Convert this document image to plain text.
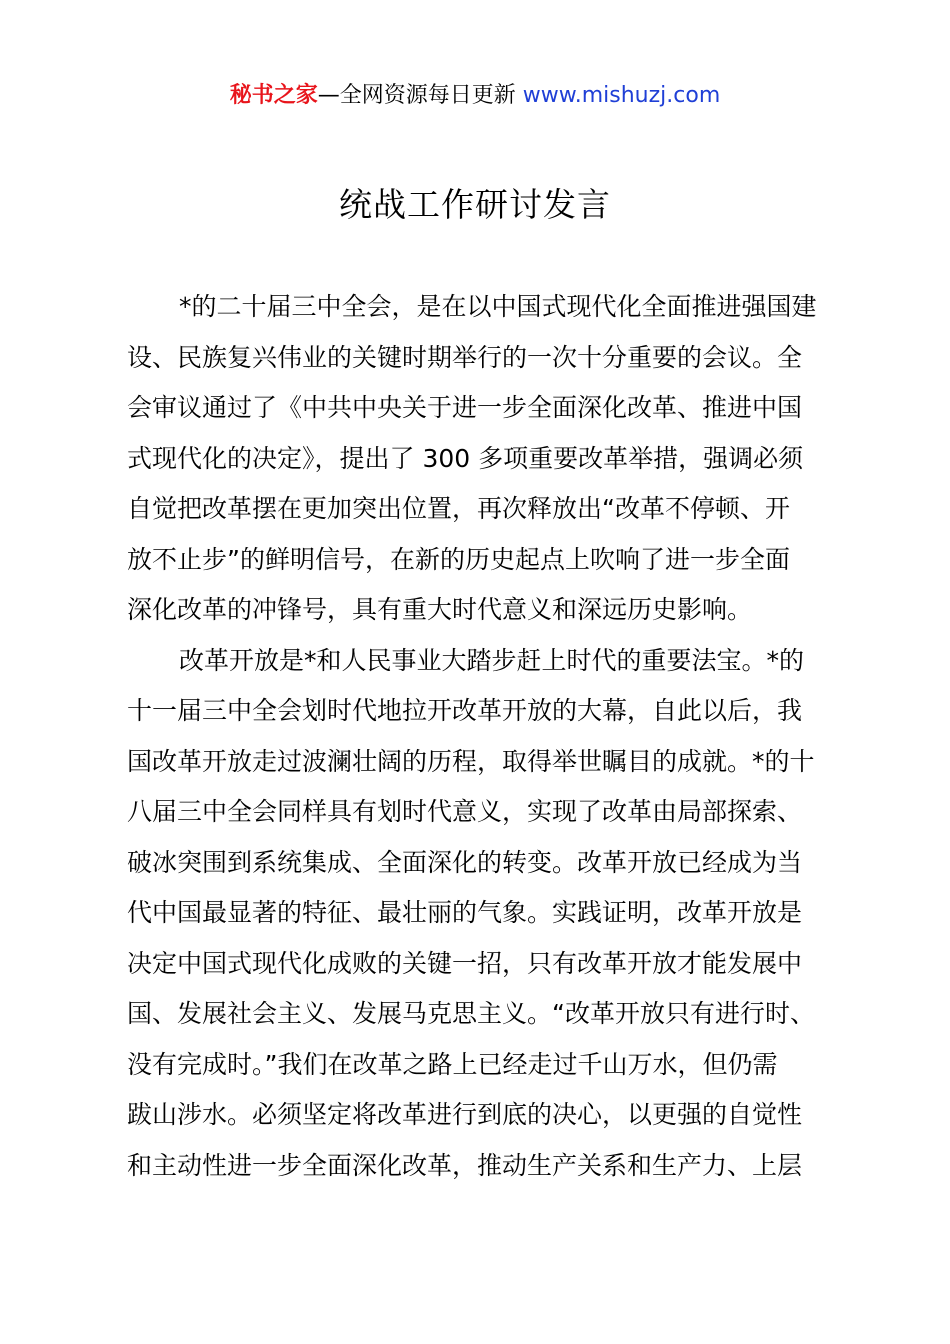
秘书之家—全网资源每日更新 www.mishuzj.com
统战工作研讨发言
*的二十届三中全会，是在以中国式现代化全面推进强国建
设、民族复兴伟业的关键时期举行的一次十分重要的会议。全
会审议通过了《中共中央关于进一步全面深化改革、推进中国
式现代化的决定》，提出了 300 多项重要改革举措，强调必须
自觉把改革摆在更加突出位置，再次释放出“改革不停顿、开
放不止步”的鲜明信号，在新的历史起点上吹响了进一步全面
深化改革的冲锋号，具有重大时代意义和深远历史影响。
改革开放是*和人民事业大踏步赶上时代的重要法宝。*的
十一届三中全会划时代地拉开改革开放的大幕，自此以后，我
国改革开放走过波澜壮阔的历程，取得举世瞩目的成就。*的十
八届三中全会同样具有划时代意义，实现了改革由局部探索、
破冰突围到系统集成、全面深化的转变。改革开放已经成为当
代中国最显著的特征、最壮丽的气象。实践证明，改革开放是
决定中国式现代化成败的关键一招，只有改革开放才能发展中
国、发展社会主义、发展马克思主义。“改革开放只有进行时、
没有完成时。”我们在改革之路上已经走过千山万水，但仍需
跋山涉水。必须坚定将改革进行到底的决心，以更强的自觉性
和主动性进一步全面深化改革，推动生产关系和生产力、上层
